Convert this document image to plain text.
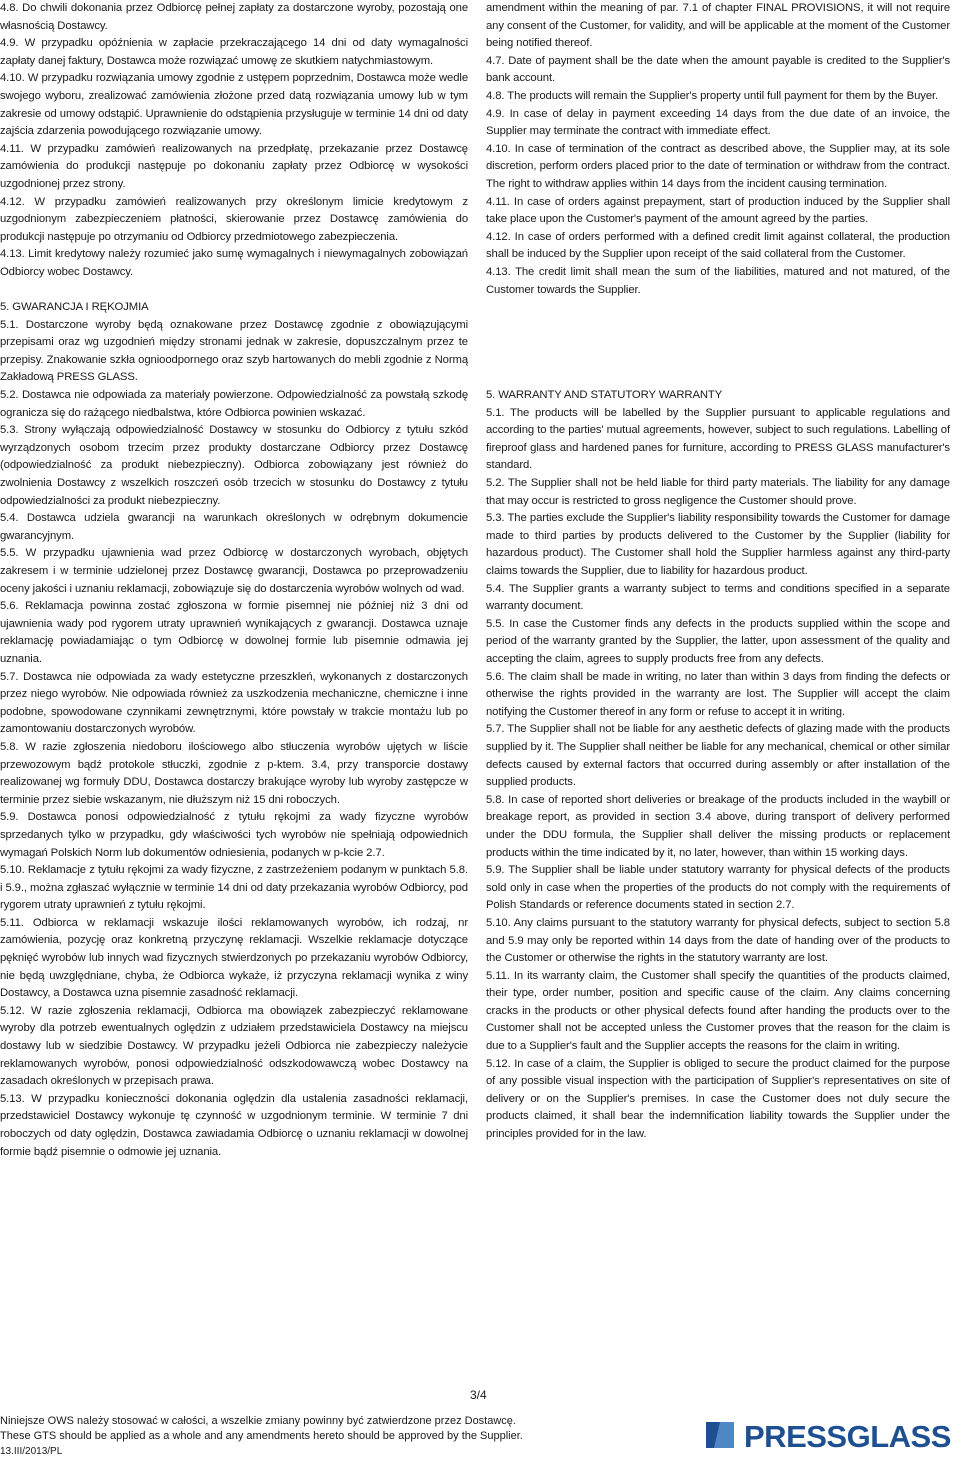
4.8. Do chwili dokonania przez Odbiorcę pełnej zapłaty za dostarczone wyroby, pozostają one własnością Dostawcy.

4.9. W przypadku opóźnienia w zapłacie przekraczającego 14 dni od daty wymagalności zapłaty danej faktury, Dostawca może rozwiązać umowę ze skutkiem natychmiastowym.

4.10. W przypadku rozwiązania umowy zgodnie z ustępem poprzednim, Dostawca może wedle swojego wyboru, zrealizować zamówienia złożone przed datą rozwiązania umowy lub w tym zakresie od umowy odstąpić. Uprawnienie do odstąpienia przysługuje w terminie 14 dni od daty zajścia zdarzenia powodującego rozwiązanie umowy.

4.11. W przypadku zamówień realizowanych na przedpłatę, przekazanie przez Dostawcę zamówienia do produkcji następuje po dokonaniu zapłaty przez Odbiorcę w wysokości uzgodnionej przez strony.

4.12. W przypadku zamówień realizowanych przy określonym limicie kredytowym z uzgodnionym zabezpieczeniem płatności, skierowanie przez Dostawcę zamówienia do produkcji następuje po otrzymaniu od Odbiorcy przedmiotowego zabezpieczenia.

4.13. Limit kredytowy należy rozumieć jako sumę wymagalnych i niewymagalnych zobowiązań Odbiorcy wobec Dostawcy.

5. GWARANCJA I RĘKOJMIA

5.1. Dostarczone wyroby będą oznakowane przez Dostawcę zgodnie z obowiązującymi przepisami oraz wg uzgodnień między stronami jednak w zakresie, dopuszczalnym przez te przepisy. Znakowanie szkła ognioodpornego oraz szyb hartowanych do mebli zgodnie z Normą Zakładową PRESS GLASS.

5.2. Dostawca nie odpowiada za materiały powierzone. Odpowiedzialność za powstałą szkodę ogranicza się do rażącego niedbalstwa, które Odbiorca powinien wskazać.

5.3. Strony wyłączają odpowiedzialność Dostawcy w stosunku do Odbiorcy z tytułu szkód wyrządzonych osobom trzecim przez produkty dostarczane Odbiorcy przez Dostawcę (odpowiedzialność za produkt niebezpieczny). Odbiorca zobowiązany jest również do zwolnienia Dostawcy z wszelkich roszczeń osób trzecich w stosunku do Dostawcy z tytułu odpowiedzialności za produkt niebezpieczny.

5.4. Dostawca udziela gwarancji na warunkach określonych w odrębnym dokumencie gwarancyjnym.

5.5. W przypadku ujawnienia wad przez Odbiorcę w dostarczonych wyrobach, objętych zakresem i w terminie udzielonej przez Dostawcę gwarancji, Dostawca po przeprowadzeniu oceny jakości i uznaniu reklamacji, zobowiązuje się do dostarczenia wyrobów wolnych od wad.

5.6. Reklamacja powinna zostać zgłoszona w formie pisemnej nie później niż 3 dni od ujawnienia wady pod rygorem utraty uprawnień wynikających z gwarancji. Dostawca uznaje reklamację powiadamiając o tym Odbiorcę w dowolnej formie lub pisemnie odmawia jej uznania.

5.7. Dostawca nie odpowiada za wady estetyczne przeszkleń, wykonanych z dostarczonych przez niego wyrobów. Nie odpowiada również za uszkodzenia mechaniczne, chemiczne i inne podobne, spowodowane czynnikami zewnętrznymi, które powstały w trakcie montażu lub po zamontowaniu dostarczonych wyrobów.

5.8. W razie zgłoszenia niedoboru ilościowego albo stłuczenia wyrobów ujętych w liście przewozowym bądź protokole stłuczki, zgodnie z p-ktem. 3.4, przy transporcie dostawy realizowanej wg formuły DDU, Dostawca dostarczy brakujące wyroby lub wyroby zastępcze w terminie przez siebie wskazanym, nie dłuższym niż 15 dni roboczych.

5.9. Dostawca ponosi odpowiedzialność z tytułu rękojmi za wady fizyczne wyrobów sprzedanych tylko w przypadku, gdy właściwości tych wyrobów nie spełniają odpowiednich wymagań Polskich Norm lub dokumentów odniesienia, podanych w p-kcie 2.7.

5.10. Reklamacje z tytułu rękojmi za wady fizyczne, z zastrzeżeniem podanym w punktach 5.8. i 5.9., można zgłaszać wyłącznie w terminie 14 dni od daty przekazania wyrobów Odbiorcy, pod rygorem utraty uprawnień z tytułu rękojmi.

5.11. Odbiorca w reklamacji wskazuje ilości reklamowanych wyrobów, ich rodzaj, nr zamówienia, pozycję oraz konkretną przyczynę reklamacji. Wszelkie reklamacje dotyczące pęknięć wyrobów lub innych wad fizycznych stwierdzonych po przekazaniu wyrobów Odbiorcy, nie będą uwzględniane, chyba, że Odbiorca wykaże, iż przyczyna reklamacji wynika z winy Dostawcy, a Dostawca uzna pisemnie zasadność reklamacji.

5.12. W razie zgłoszenia reklamacji, Odbiorca ma obowiązek zabezpieczyć reklamowane wyroby dla potrzeb ewentualnych oględzin z udziałem przedstawiciela Dostawcy na miejscu dostawy lub w siedzibie Dostawcy. W przypadku jeżeli Odbiorca nie zabezpieczy należycie reklamowanych wyrobów, ponosi odpowiedzialność odszkodowawczą wobec Dostawcy na zasadach określonych w przepisach prawa.

5.13. W przypadku konieczności dokonania oględzin dla ustalenia zasadności reklamacji, przedstawiciel Dostawcy wykonuje tę czynność w uzgodnionym terminie. W terminie 7 dni roboczych od daty oględzin, Dostawca zawiadamia Odbiorcę o uznaniu reklamacji w dowolnej formie bądź pisemnie o odmowie jej uznania.

amendment within the meaning of par. 7.1 of chapter FINAL PROVISIONS, it will not require any consent of the Customer, for validity, and will be applicable at the moment of the Customer being notified thereof.

4.7. Date of payment shall be the date when the amount payable is credited to the Supplier's bank account.

4.8. The products will remain the Supplier's property until full payment for them by the Buyer.

4.9. In case of delay in payment exceeding 14 days from the due date of an invoice, the Supplier may terminate the contract with immediate effect.

4.10. In case of termination of the contract as described above, the Supplier may, at its sole discretion, perform orders placed prior to the date of termination or withdraw from the contract. The right to withdraw applies within 14 days from the incident causing termination.

4.11. In case of orders against prepayment, start of production induced by the Supplier shall take place upon the Customer's payment of the amount agreed by the parties.

4.12. In case of orders performed with a defined credit limit against collateral, the production shall be induced by the Supplier upon receipt of the said collateral from the Customer.

4.13. The credit limit shall mean the sum of the liabilities, matured and not matured, of the Customer towards the Supplier.

5. WARRANTY AND STATUTORY WARRANTY

5.1. The products will be labelled by the Supplier pursuant to applicable regulations and according to the parties' mutual agreements, however, subject to such regulations. Labelling of fireproof glass and hardened panes for furniture, according to PRESS GLASS manufacturer's standard.

5.2. The Supplier shall not be held liable for third party materials. The liability for any damage that may occur is restricted to gross negligence the Customer should prove.

5.3. The parties exclude the Supplier's liability responsibility towards the Customer for damage made to third parties by products delivered to the Customer by the Supplier (liability for hazardous product). The Customer shall hold the Supplier harmless against any third-party claims towards the Supplier, due to liability for hazardous product.

5.4. The Supplier grants a warranty subject to terms and conditions specified in a separate warranty document.

5.5. In case the Customer finds any defects in the products supplied within the scope and period of the warranty granted by the Supplier, the latter, upon assessment of the quality and accepting the claim, agrees to supply products free from any defects.

5.6. The claim shall be made in writing, no later than within 3 days from finding the defects or otherwise the rights provided in the warranty are lost. The Supplier will accept the claim notifying the Customer thereof in any form or refuse to accept it in writing.

5.7. The Supplier shall not be liable for any aesthetic defects of glazing made with the products supplied by it. The Supplier shall neither be liable for any mechanical, chemical or other similar defects caused by external factors that occurred during assembly or after installation of the supplied products.

5.8. In case of reported short deliveries or breakage of the products included in the waybill or breakage report, as provided in section 3.4 above, during transport of delivery performed under the DDU formula, the Supplier shall deliver the missing products or replacement products within the time indicated by it, no later, however, than within 15 working days.

5.9. The Supplier shall be liable under statutory warranty for physical defects of the products sold only in case when the properties of the products do not comply with the requirements of Polish Standards or reference documents stated in section 2.7.

5.10. Any claims pursuant to the statutory warranty for physical defects, subject to section 5.8 and 5.9 may only be reported within 14 days from the date of handing over of the products to the Customer or otherwise the rights in the statutory warranty are lost.

5.11. In its warranty claim, the Customer shall specify the quantities of the products claimed, their type, order number, position and specific cause of the claim. Any claims concerning cracks in the products or other physical defects found after handing the products over to the Customer shall not be accepted unless the Customer proves that the reason for the claim is due to a Supplier's fault and the Supplier accepts the reasons for the claim in writing.

5.12. In case of a claim, the Supplier is obliged to secure the product claimed for the purpose of any possible visual inspection with the participation of Supplier's representatives on site of delivery or on the Supplier's premises. In case the Customer does not duly secure the products claimed, it shall bear the indemnification liability towards the Supplier under the principles provided for in the law.

3/4
Niniejsze OWS należy stosować w całości, a wszelkie zmiany powinny być zatwierdzone przez Dostawcę.
These GTS should be applied as a whole and any amendments hereto should be approved by the Supplier.
13.III/2013/PL	PRESSGLASS
